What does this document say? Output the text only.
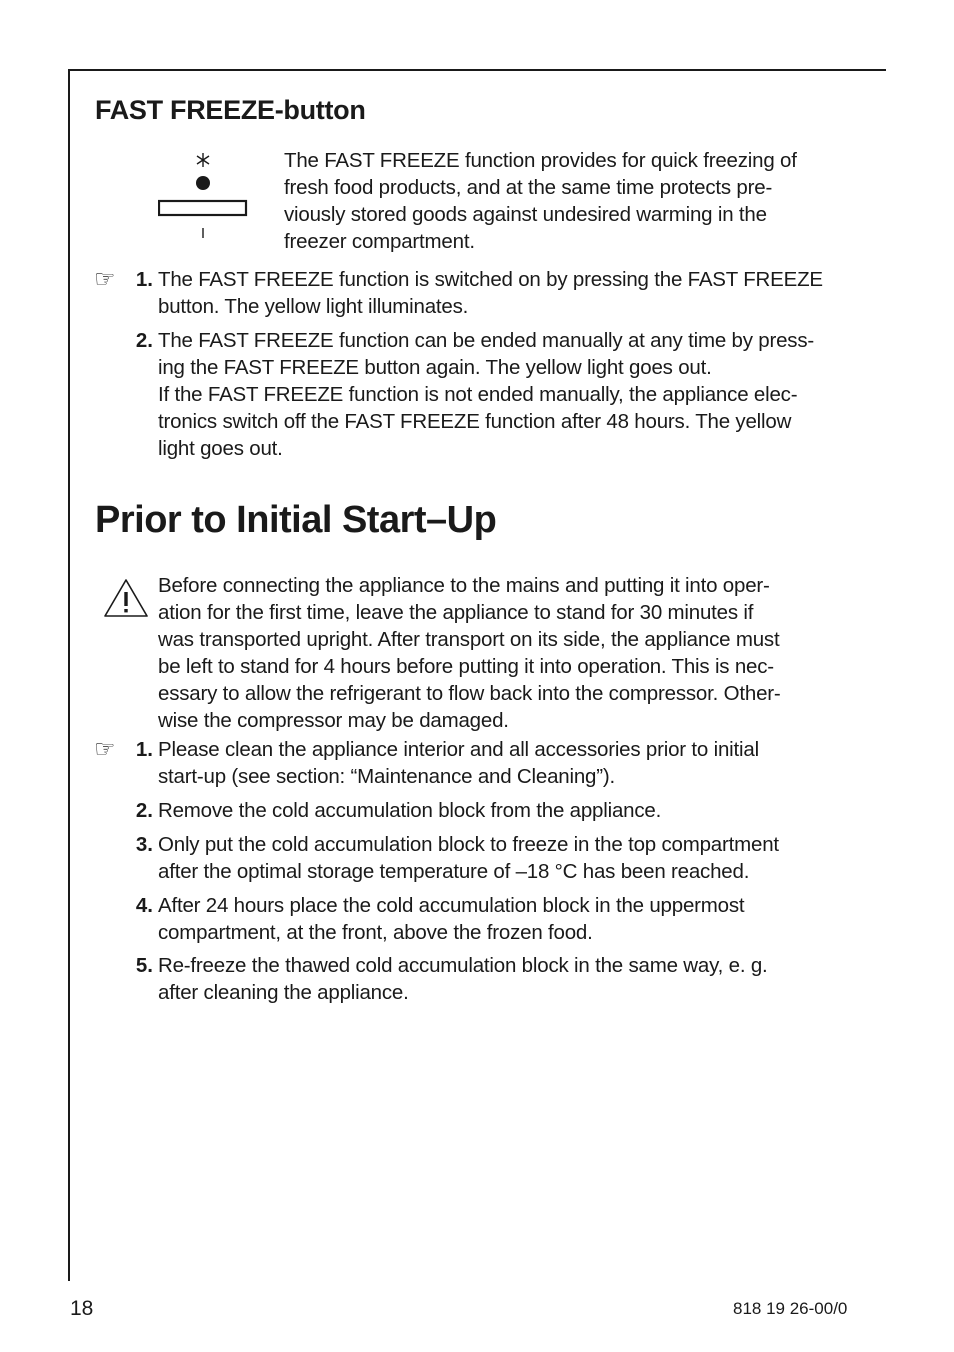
FAST FREEZE-button
The FAST FREEZE function provides for quick freezing of
fresh food products, and at the same time protects pre-
viously stored goods against undesired warming in the
freezer compartment.
☞ 1. The FAST FREEZE function is switched on by pressing the FAST FREEZE
button. The yellow light illuminates.
2. The FAST FREEZE function can be ended manually at any time by press-
ing the FAST FREEZE button again. The yellow light goes out.
If the FAST FREEZE function is not ended manually, the appliance elec-
tronics switch off the FAST FREEZE function after 48 hours. The yellow
light goes out.
Prior to Initial Start–Up
Before connecting the appliance to the mains and putting it into oper-
ation for the first time, leave the appliance to stand for 30 minutes if
was transported upright. After transport on its side, the appliance must
be left to stand for 4 hours before putting it into operation. This is nec-
essary to allow the refrigerant to flow back into the compressor. Other-
wise the compressor may be damaged.
☞ 1. Please clean the appliance interior and all accessories prior to initial
start-up (see section: “Maintenance and Cleaning”).
2. Remove the cold accumulation block from the appliance.
3. Only put the cold accumulation block to freeze in the top compartment
after the optimal storage temperature of –18 °C has been reached.
4. After 24 hours place the cold accumulation block in the uppermost
compartment, at the front, above the frozen food.
5. Re-freeze the thawed cold accumulation block in the same way, e. g.
after cleaning the appliance.
18	818 19 26-00/0
